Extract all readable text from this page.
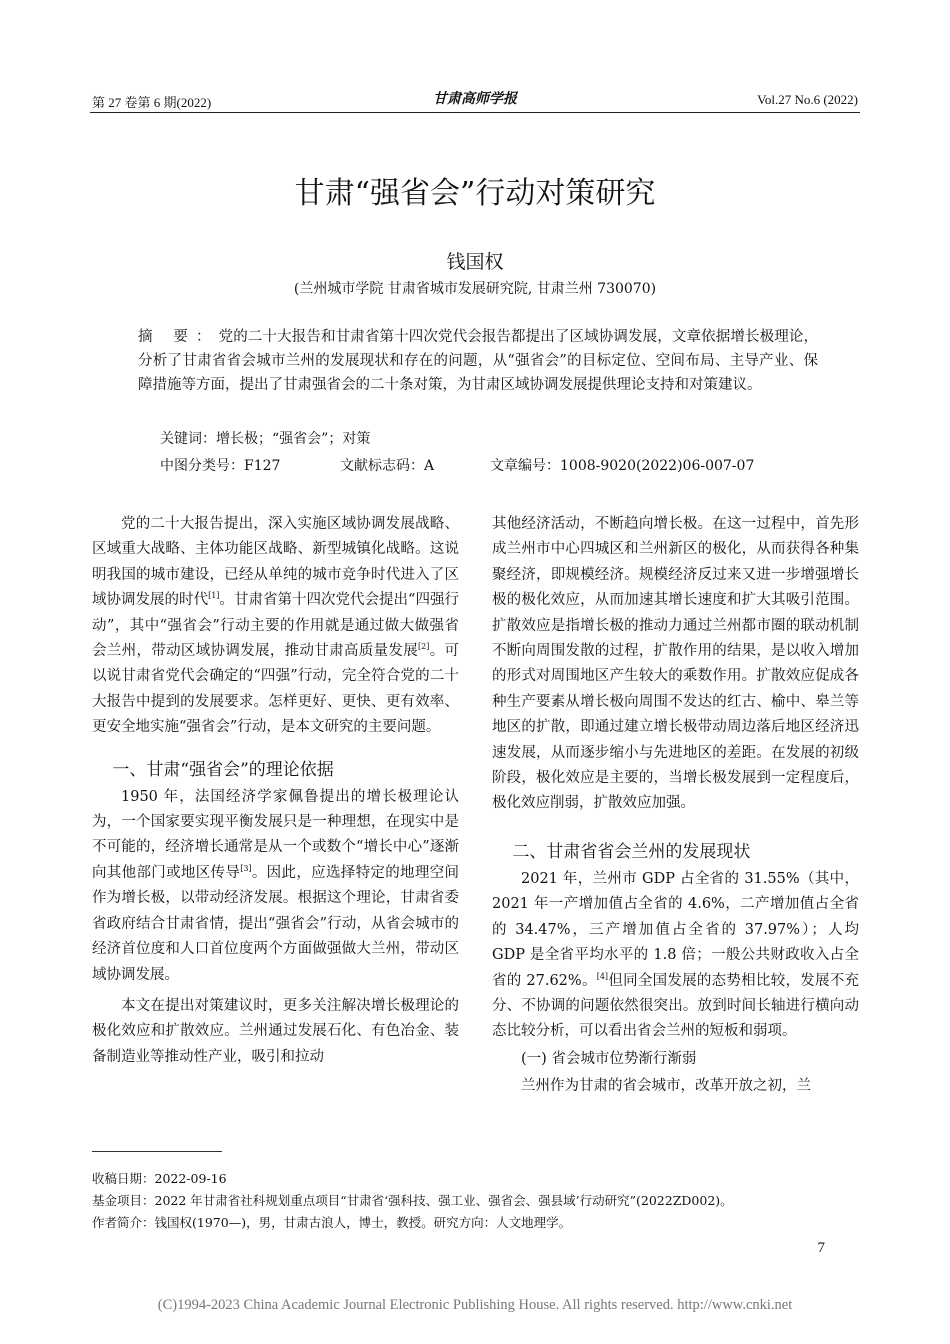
第 27 卷第 6 期(2022)	甘肃高师学报	Vol.27 No.6 (2022)
甘肃“强省会”行动对策研究
钱国权
(兰州城市学院 甘肃省城市发展研究院, 甘肃兰州 730070)
摘 要：党的二十大报告和甘肃省第十四次党代会报告都提出了区域协调发展，文章依据增长极理论，分析了甘肃省省会城市兰州的发展现状和存在的问题，从“强省会”的目标定位、空间布局、主导产业、保障措施等方面，提出了甘肃强省会的二十条对策，为甘肃区域协调发展提供理论支持和对策建议。
关键词：增长极；“强省会”；对策
中图分类号：F127	文献标志码：A	文章编号：1008-9020(2022)06-007-07

党的二十大报告提出，深入实施区域协调发展战略、区域重大战略、主体功能区战略、新型城镇化战略。这说明我国的城市建设，已经从单纯的城市竞争时代进入了区域协调发展的时代[1]。甘肃省第十四次党代会提出“四强行动”，其中“强省会”行动主要的作用就是通过做大做强省会兰州，带动区域协调发展，推动甘肃高质量发展[2]。可以说甘肃省党代会确定的“四强”行动，完全符合党的二十大报告中提到的发展要求。怎样更好、更快、更有效率、更安全地实施“强省会”行动，是本文研究的主要问题。

一、甘肃“强省会”的理论依据

1950 年，法国经济学家佩鲁提出的增长极理论认为，一个国家要实现平衡发展只是一种理想，在现实中是不可能的，经济增长通常是从一个或数个“增长中心”逐渐向其他部门或地区传导[3]。因此，应选择特定的地理空间作为增长极，以带动经济发展。根据这个理论，甘肃省委省政府结合甘肃省情，提出“强省会”行动，从省会城市的经济首位度和人口首位度两个方面做强做大兰州，带动区域协调发展。

本文在提出对策建议时，更多关注解决增长极理论的极化效应和扩散效应。兰州通过发展石化、有色冶金、装备制造业等推动性产业，吸引和拉动

其他经济活动，不断趋向增长极。在这一过程中，首先形成兰州市中心四城区和兰州新区的极化，从而获得各种集聚经济，即规模经济。规模经济反过来又进一步增强增长极的极化效应，从而加速其增长速度和扩大其吸引范围。扩散效应是指增长极的推动力通过兰州都市圈的联动机制不断向周围发散的过程，扩散作用的结果，是以收入增加的形式对周围地区产生较大的乘数作用。扩散效应促成各种生产要素从增长极向周围不发达的红古、榆中、皋兰等地区的扩散，即通过建立增长极带动周边落后地区经济迅速发展，从而逐步缩小与先进地区的差距。在发展的初级阶段，极化效应是主要的，当增长极发展到一定程度后，极化效应削弱，扩散效应加强。

二、甘肃省省会兰州的发展现状

2021 年，兰州市 GDP 占全省的 31.55%（其中，2021 年一产增加值占全省的 4.6%，二产增加值占全省的 34.47%，三产增加值占全省的 37.97%）；人均 GDP 是全省平均水平的 1.8 倍；一般公共财政收入占全省的 27.62%。[4]但同全国发展的态势相比较，发展不充分、不协调的问题依然很突出。放到时间长轴进行横向动态比较分析，可以看出省会兰州的短板和弱项。

(一) 省会城市位势渐行渐弱

兰州作为甘肃的省会城市，改革开放之初，兰

收稿日期：2022-09-16
基金项目：2022 年甘肃省社科规划重点项目“甘肃省‘强科技、强工业、强省会、强县域’行动研究”(2022ZD002)。
作者简介：钱国权(1970—)，男，甘肃古浪人，博士，教授。研究方向：人文地理学。
7
(C)1994-2023 China Academic Journal Electronic Publishing House. All rights reserved. http://www.cnki.net
